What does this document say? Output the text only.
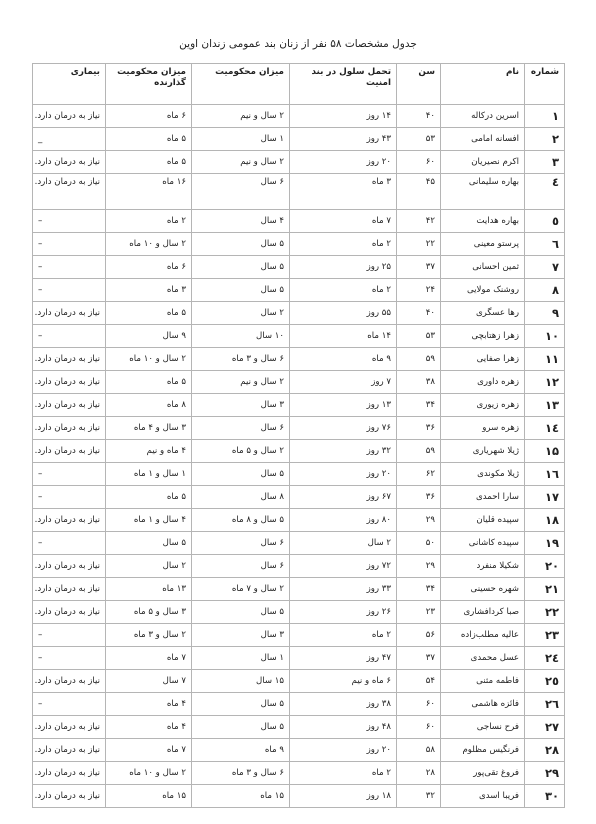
جدول مشخصات ۵۸ نفر از زنان بند عمومی زندان اوین
شماره	نام	سن	تحمل سلول در بند امنیت	میزان محکومیت	میزان محکومیت گذارنده	بیماری
۱	اسرین درکاله	۴۰	۱۴ روز	۲ سال و نیم	۶ ماه	نیاز به درمان دارد.
۲	افسانه امامی	۵۳	۴۳ روز	۱ سال	۵ ماه	_
۳	اکرم نصیریان	۶۰	۲۰ روز	۲ سال و نیم	۵ ماه	نیاز به درمان دارد.
٤	بهاره سلیمانی	۴۵	۳ ماه	۶ سال	۱۶ ماه	نیاز به درمان دارد.
٥	بهاره هدایت	۴۲	۷ ماه	۴ سال	۲ ماه	–
٦	پرستو معینی	۲۲	۲ ماه	۵ سال	۲ سال و ۱۰ ماه	–
۷	ثمین احسانی	۳۷	۲۵ روز	۵ سال	۶ ماه	–
۸	روشنک مولایی	۲۴	۲ ماه	۵ سال	۳ ماه	–
۹	رها عسگری	۴۰	۵۵ روز	۲ سال	۵ ماه	نیاز به درمان دارد.
۱۰	زهرا زهتابچی	۵۳	۱۴ ماه	۱۰ سال	۹ سال	–
۱۱	زهرا صفایی	۵۹	۹ ماه	۶ سال و ۳ ماه	۲ سال و ۱۰ ماه	نیاز به درمان دارد.
۱۲	زهره داوری	۳۸	۷ روز	۲ سال و نیم	۵ ماه	نیاز به درمان دارد.
۱۳	زهره زیوری	۳۴	۱۳ روز	۳ سال	۸ ماه	نیاز به درمان دارد.
١٤	زهره سرو	۳۶	۷۶ روز	۶ سال	۳ سال و ۴ ماه	نیاز به درمان دارد.
۱۵	ژیلا شهریاری	۵۹	۳۲ روز	۲ سال و ۵ ماه	۴ ماه و نیم	نیاز به درمان دارد.
۱٦	ژیلا مکوندی	۶۲	۲۰ روز	۵ سال	۱ سال و ۱ ماه	–
۱۷	سارا احمدی	۳۶	۶۷ روز	۸ سال	۵ ماه	–
۱۸	سپیده قلیان	۲۹	۸۰ روز	۵ سال و ۸ ماه	۴ سال و ۱ ماه	نیاز به درمان دارد.
۱۹	سپیده کاشانی	۵۰	۲ سال	۶ سال	۵ سال	–
۲۰	شکیلا منفرد	۲۹	۷۲ روز	۶ سال	۲ سال	نیاز به درمان دارد.
۲۱	شهره حسینی	۳۴	۳۳ روز	۲ سال و ۷ ماه	۱۳ ماه	نیاز به درمان دارد.
۲۲	صبا کردافشاری	۲۳	۲۶ روز	۵ سال	۳ سال و ۵ ماه	نیاز به درمان دارد.
۲۳	عالیه مطلب‌زاده	۵۶	۲ ماه	۳ سال	۲ سال و ۳ ماه	–
۲٤	عسل محمدی	۳۷	۴۷ روز	۱ سال	۷ ماه	–
۲٥	فاطمه مثنی	۵۴	۶ ماه و نیم	۱۵ سال	۷ سال	نیاز به درمان دارد.
۲٦	فائزه هاشمی	۶۰	۳۸ روز	۵ سال	۴ ماه	–
۲۷	فرح نساجی	۶۰	۴۸ روز	۵ سال	۴ ماه	نیاز به درمان دارد.
۲۸	فرنگیس مظلوم	۵۸	۲۰ روز	۹ ماه	۷ ماه	نیاز به درمان دارد.
۲۹	فروغ تقی‌پور	۲۸	۲ ماه	۶ سال و ۳ ماه	۲ سال و ۱۰ ماه	نیاز به درمان دارد.
۳۰	فریبا اسدی	۳۲	۱۸ روز	۱۵ ماه	۱۵ ماه	نیاز به درمان دارد.
